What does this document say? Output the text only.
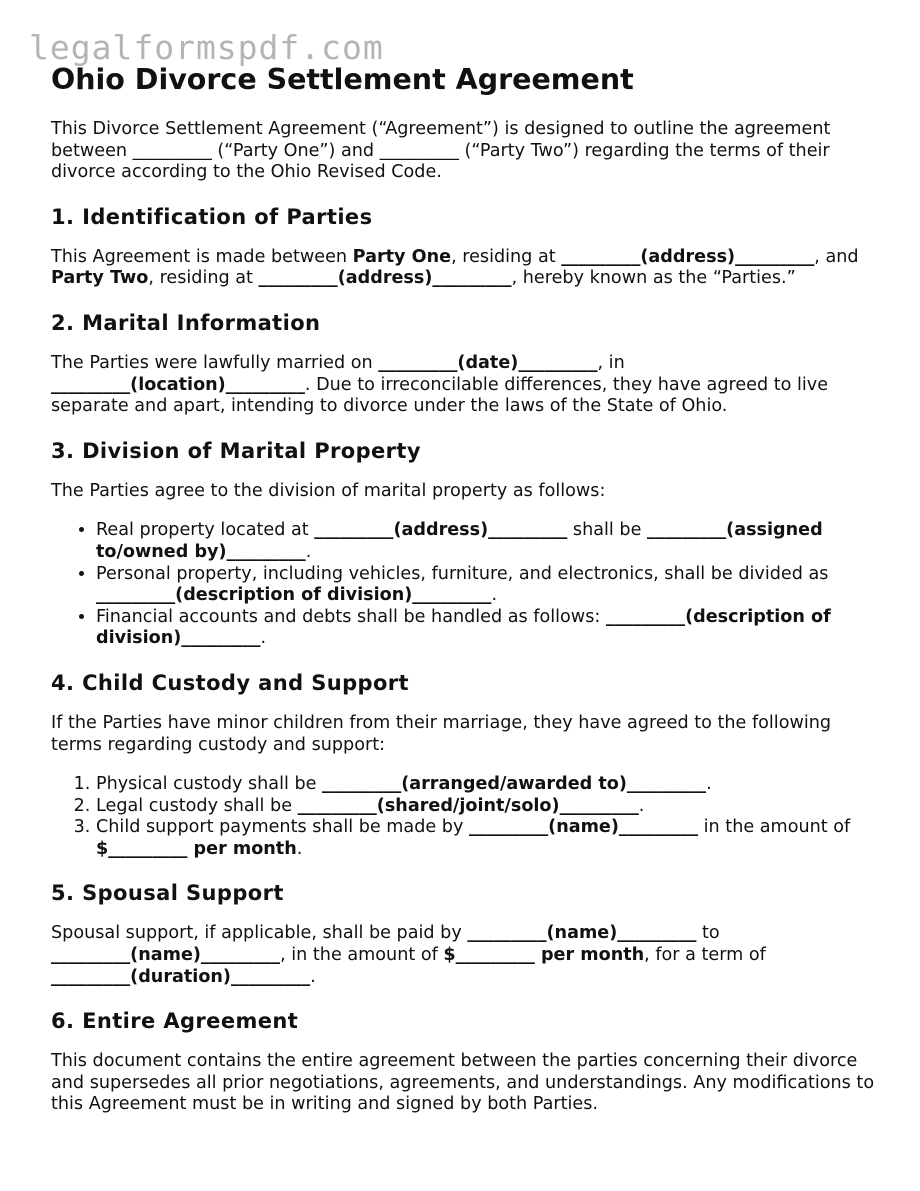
legalformspdf.com
Ohio Divorce Settlement Agreement

This Divorce Settlement Agreement (“Agreement”) is designed to outline the agreement between _________ (“Party One”) and _________ (“Party Two”) regarding the terms of their divorce according to the Ohio Revised Code.

1. Identification of Parties

This Agreement is made between Party One, residing at _________(address)_________, and Party Two, residing at _________(address)_________, hereby known as the “Parties.”

2. Marital Information

The Parties were lawfully married on _________(date)_________, in _________(location)_________. Due to irreconcilable differences, they have agreed to live separate and apart, intending to divorce under the laws of the State of Ohio.

3. Division of Marital Property

The Parties agree to the division of marital property as follows:

• Real property located at _________(address)_________ shall be _________(assigned to/owned by)_________.
• Personal property, including vehicles, furniture, and electronics, shall be divided as _________(description of division)_________.
• Financial accounts and debts shall be handled as follows: _________(description of division)_________.
4. Child Custody and Support

If the Parties have minor children from their marriage, they have agreed to the following terms regarding custody and support:

1. Physical custody shall be _________(arranged/awarded to)_________.
2. Legal custody shall be _________(shared/joint/solo)_________.
3. Child support payments shall be made by _________(name)_________ in the amount of $_________ per month.
5. Spousal Support

Spousal support, if applicable, shall be paid by _________(name)_________ to _________(name)_________, in the amount of $_________ per month, for a term of _________(duration)_________.

6. Entire Agreement

This document contains the entire agreement between the parties concerning their divorce and supersedes all prior negotiations, agreements, and understandings. Any modifications to this Agreement must be in writing and signed by both Parties.
